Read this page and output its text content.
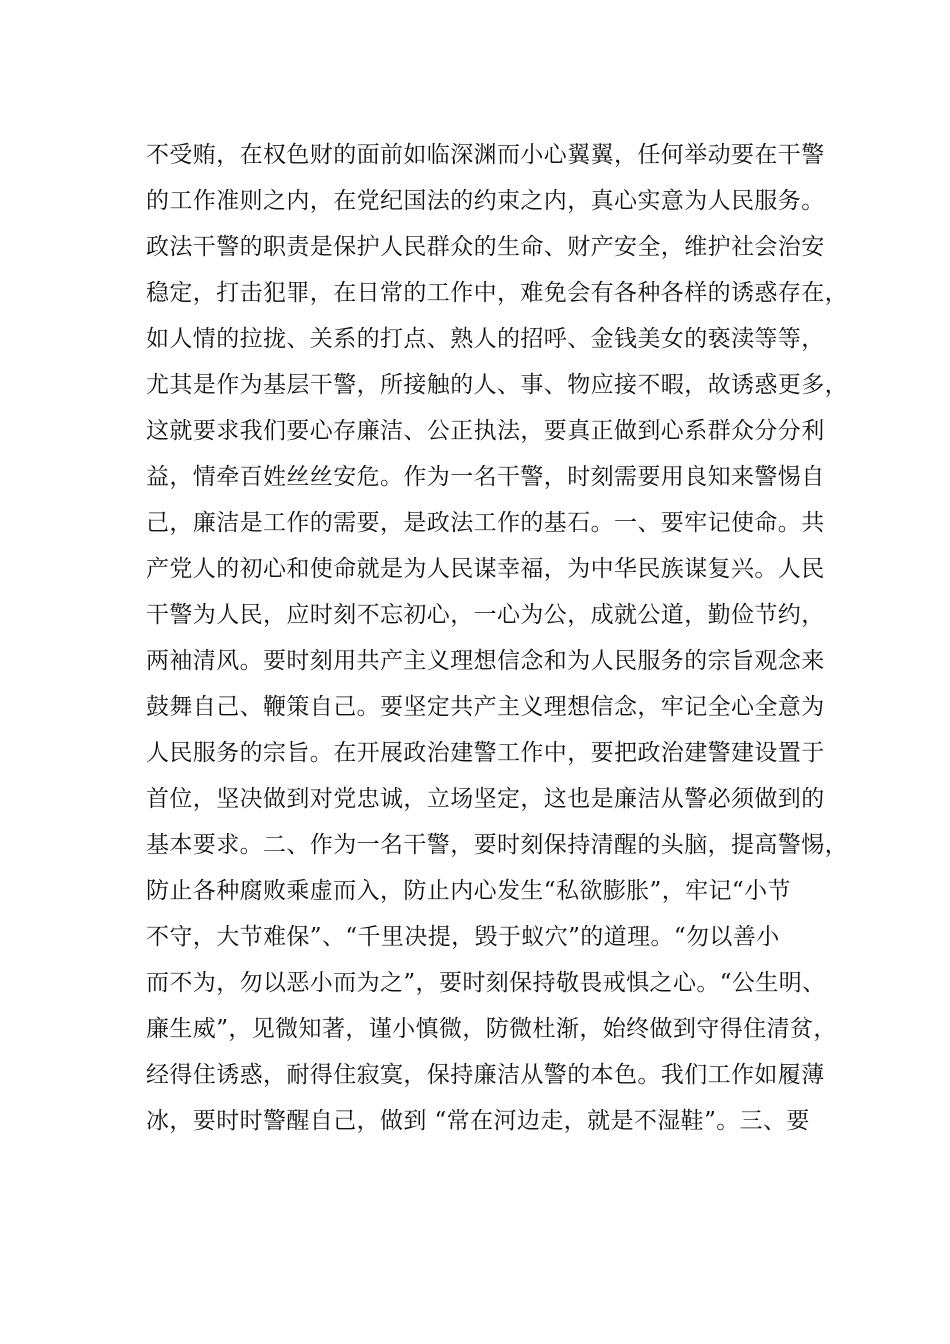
不受贿，在权色财的面前如临深渊而小心翼翼，任何举动要在干警
的工作准则之内，在党纪国法的约束之内，真心实意为人民服务。
政法干警的职责是保护人民群众的生命、财产安全，维护社会治安
稳定，打击犯罪，在日常的工作中，难免会有各种各样的诱惑存在，
如人情的拉拢、关系的打点、熟人的招呼、金钱美女的亵渎等等，
尤其是作为基层干警，所接触的人、事、物应接不暇，故诱惑更多，
这就要求我们要心存廉洁、公正执法，要真正做到心系群众分分利
益，情牵百姓丝丝安危。作为一名干警，时刻需要用良知来警惕自
己，廉洁是工作的需要，是政法工作的基石。一、要牢记使命。共
产党人的初心和使命就是为人民谋幸福，为中华民族谋复兴。人民
干警为人民，应时刻不忘初心，一心为公，成就公道，勤俭节约，
两袖清风。要时刻用共产主义理想信念和为人民服务的宗旨观念来
鼓舞自己、鞭策自己。要坚定共产主义理想信念，牢记全心全意为
人民服务的宗旨。在开展政治建警工作中，要把政治建警建设置于
首位，坚决做到对党忠诚，立场坚定，这也是廉洁从警必须做到的
基本要求。二、作为一名干警，要时刻保持清醒的头脑，提高警惕，
防止各种腐败乘虚而入，防止内心发生“私欲膨胀”，牢记“小节
不守，大节难保”、“千里决提，毁于蚁穴”的道理。“勿以善小
而不为，勿以恶小而为之”，要时刻保持敬畏戒惧之心。“公生明、
廉生威”，见微知著，谨小慎微，防微杜渐，始终做到守得住清贫，
经得住诱惑，耐得住寂寞，保持廉洁从警的本色。我们工作如履薄
冰，要时时警醒自己，做到 “常在河边走，就是不湿鞋”。三、要
